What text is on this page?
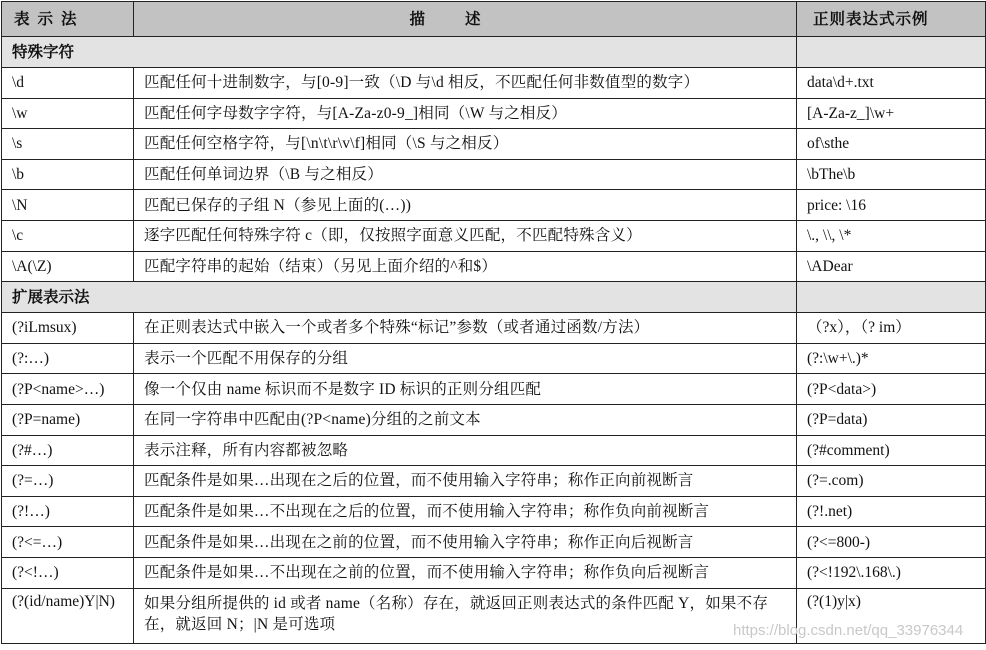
表示法	描述	正则表达式示例
特殊字符		
\d	匹配任何十进制数字，与[0-9]一致（\D 与\d 相反，不匹配任何非数值型的数字）	data\d+.txt
\w	匹配任何字母数字字符，与[A-Za-z0-9_]相同（\W 与之相反）	[A-Za-z_]\w+
\s	匹配任何空格字符，与[\n\t\r\v\f]相同（\S 与之相反）	of\sthe
\b	匹配任何单词边界（\B 与之相反）	\bThe\b
\N	匹配已保存的子组 N（参见上面的(…))	price: \16
\c	逐字匹配任何特殊字符 c（即，仅按照字面意义匹配，不匹配特殊含义）	\., \\, \*
\A(\Z)	匹配字符串的起始（结束）（另见上面介绍的^和$）	\ADear
扩展表示法		
(?iLmsux)	在正则表达式中嵌入一个或者多个特殊“标记”参数（或者通过函数/方法）	（?x），（? im）
(?:…)	表示一个匹配不用保存的分组	(?:\w+\.)*
(?P<name>…)	像一个仅由 name 标识而不是数字 ID 标识的正则分组匹配	(?P<data>)
(?P=name)	在同一字符串中匹配由(?P<name)分组的之前文本	(?P=data)
(?#…)	表示注释，所有内容都被忽略	(?#comment)
(?=…)	匹配条件是如果…出现在之后的位置，而不使用输入字符串；称作正向前视断言	(?=.com)
(?!…)	匹配条件是如果…不出现在之后的位置，而不使用输入字符串；称作负向前视断言	(?!.net)
(?<=…)	匹配条件是如果…出现在之前的位置，而不使用输入字符串；称作正向后视断言	(?<=800-)
(?<!…)	匹配条件是如果…不出现在之前的位置，而不使用输入字符串；称作负向后视断言	(?<!192\.168\.)
(?(id/name)Y|N)	如果分组所提供的 id 或者 name（名称）存在，就返回正则表达式的条件匹配 Y，如果不存在，就返回 N；|N 是可选项	(?(1)y|x)
https://blog.csdn.net/qq_33976344
